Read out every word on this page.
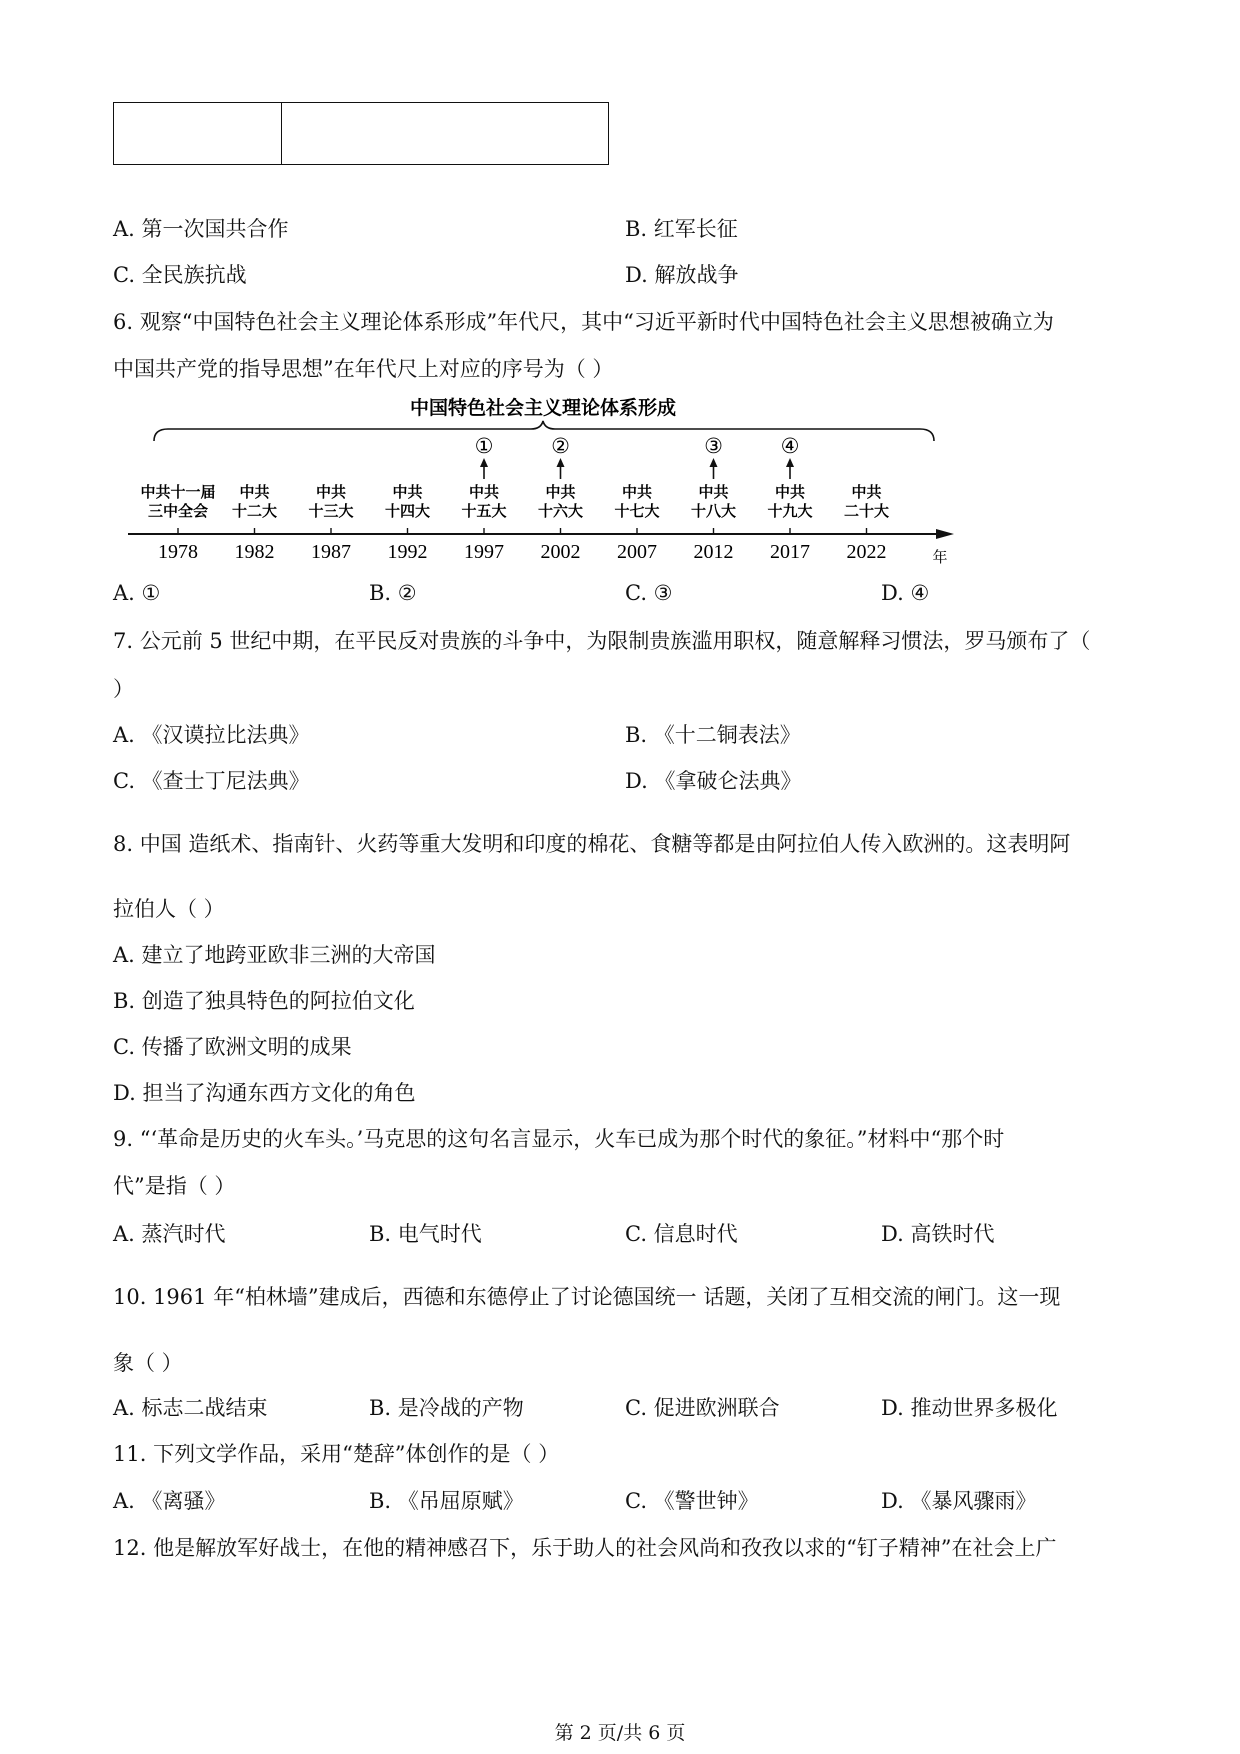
A. 第一次国共合作	B. 红军长征
C. 全民族抗战	D. 解放战争
6. 观察“中国特色社会主义理论体系形成”年代尺，其中“习近平新时代中国特色社会主义思想被确立为
中国共产党的指导思想”在年代尺上对应的序号为（ ）
中国特色社会主义理论体系形成
年
1978
中共十一届
三中全会
1982
中共
十二大
1987
中共
十三大
1992
中共
十四大
1997
中共
十五大
①
2002
中共
十六大
②
2007
中共
十七大
2012
中共
十八大
③
2017
中共
十九大
④
2022
中共
二十大
A. ①	B. ②	C. ③	D. ④
7. 公元前 5 世纪中期，在平民反对贵族的斗争中，为限制贵族滥用职权，随意解释习惯法，罗马颁布了（
）
A. 《汉谟拉比法典》	B. 《十二铜表法》
C. 《查士丁尼法典》	D. 《拿破仑法典》
8. 中国 造纸术、指南针、火药等重大发明和印度的棉花、食糖等都是由阿拉伯人传入欧洲的。这表明阿
拉伯人（ ）
A. 建立了地跨亚欧非三洲的大帝国
B. 创造了独具特色的阿拉伯文化
C. 传播了欧洲文明的成果
D. 担当了沟通东西方文化的角色
9. “‘革命是历史的火车头。’马克思的这句名言显示，火车已成为那个时代的象征。”材料中“那个时
代”是指（ ）
A. 蒸汽时代	B. 电气时代	C. 信息时代	D. 高铁时代
10. 1961 年“柏林墙”建成后，西德和东德停止了讨论德国统一 话题，关闭了互相交流的闸门。这一现
象（ ）
A. 标志二战结束	B. 是冷战的产物	C. 促进欧洲联合	D. 推动世界多极化
11. 下列文学作品，采用“楚辞”体创作的是（ ）
A. 《离骚》	B. 《吊屈原赋》	C. 《警世钟》	D. 《暴风骤雨》
12. 他是解放军好战士，在他的精神感召下，乐于助人的社会风尚和孜孜以求的“钉子精神”在社会上广
第 2 页/共 6 页
